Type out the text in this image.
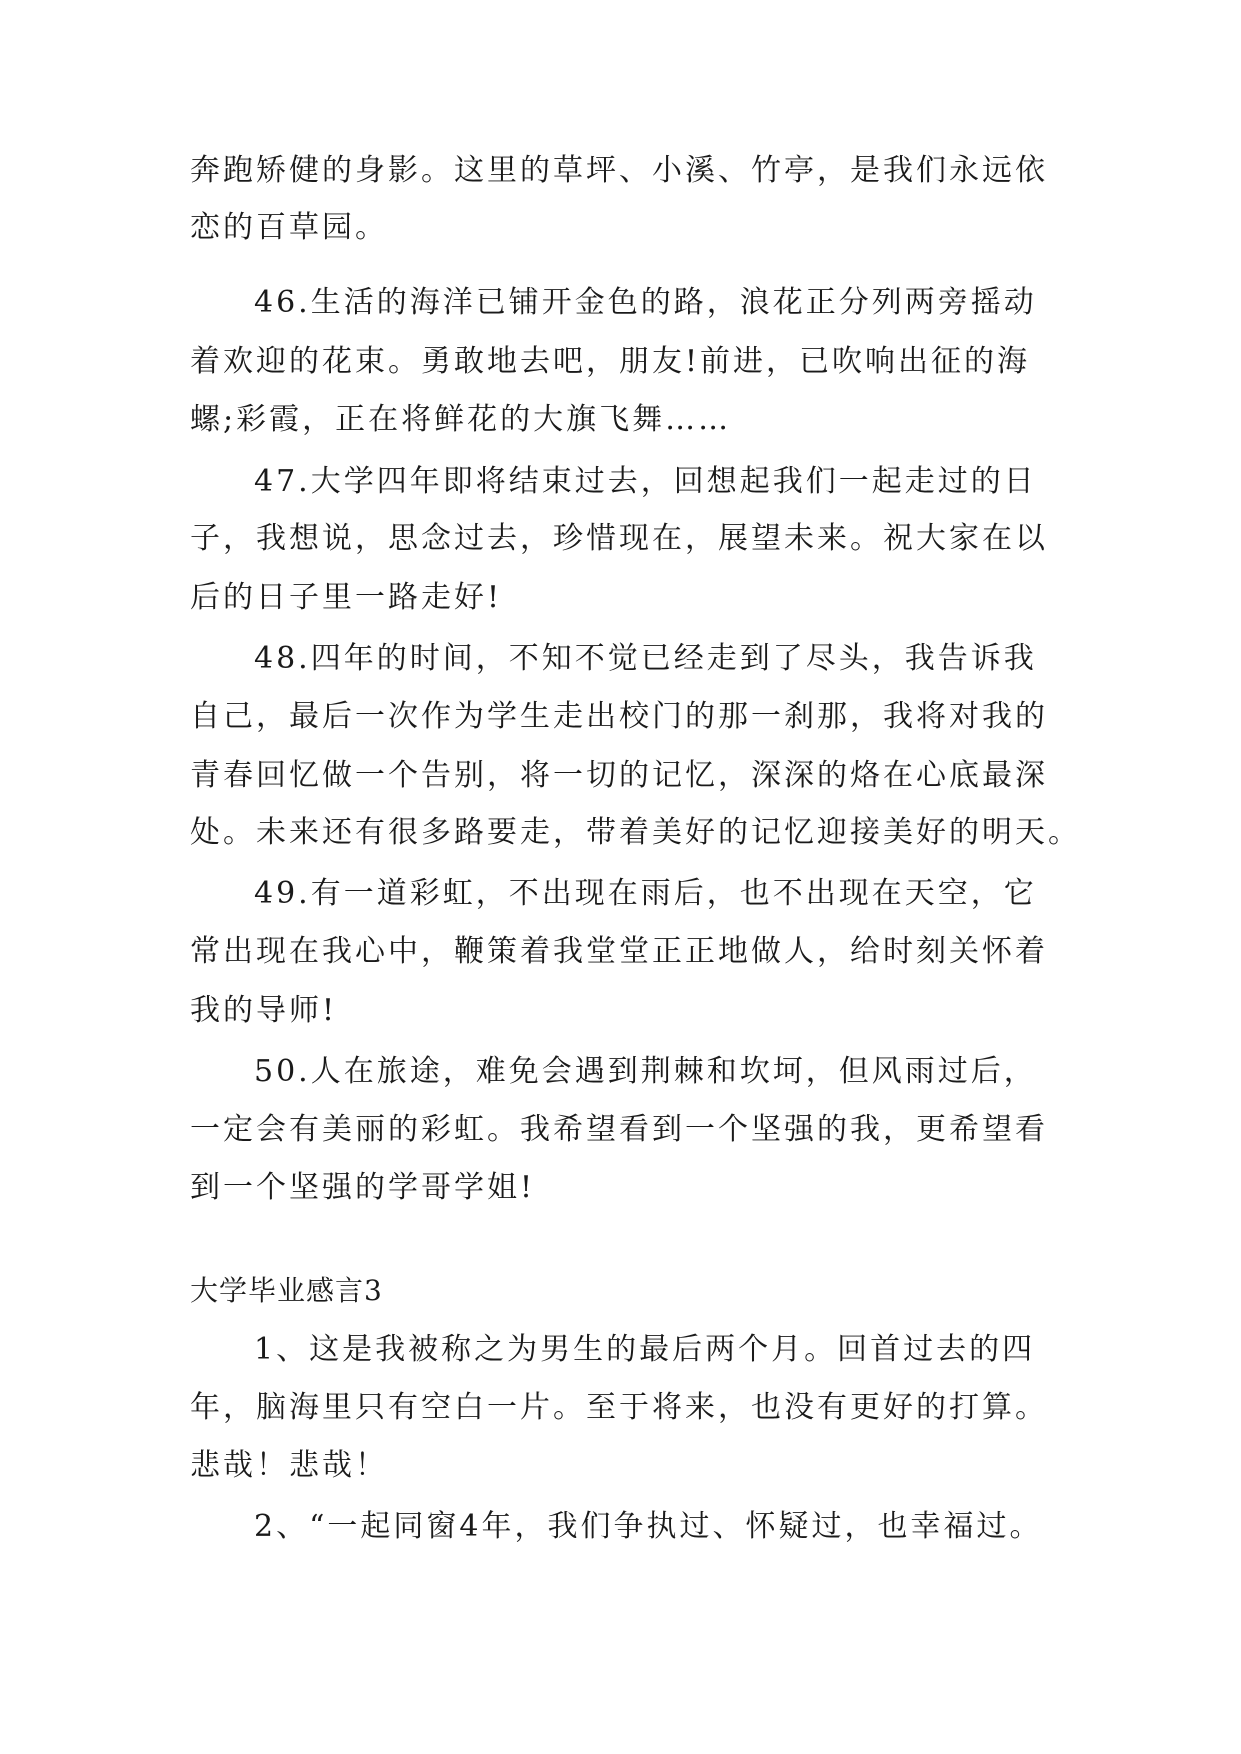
奔跑矫健的身影。这里的草坪、小溪、竹亭，是我们永远依
恋的百草园。
46.生活的海洋已铺开金色的路，浪花正分列两旁摇动
着欢迎的花束。勇敢地去吧，朋友!前进，已吹响出征的海
螺;彩霞，正在将鲜花的大旗飞舞……
47.大学四年即将结束过去，回想起我们一起走过的日
子，我想说，思念过去，珍惜现在，展望未来。祝大家在以
后的日子里一路走好!
48.四年的时间，不知不觉已经走到了尽头，我告诉我
自己，最后一次作为学生走出校门的那一刹那，我将对我的
青春回忆做一个告别，将一切的记忆，深深的烙在心底最深
处。未来还有很多路要走，带着美好的记忆迎接美好的明天。
49.有一道彩虹，不出现在雨后，也不出现在天空，它
常出现在我心中，鞭策着我堂堂正正地做人，给时刻关怀着
我的导师!
50.人在旅途，难免会遇到荆棘和坎坷，但风雨过后，
一定会有美丽的彩虹。我希望看到一个坚强的我，更希望看
到一个坚强的学哥学姐!
大学毕业感言3
1、这是我被称之为男生的最后两个月。回首过去的四
年，脑海里只有空白一片。至于将来，也没有更好的打算。
悲哉！悲哉！
2、“一起同窗4年，我们争执过、怀疑过，也幸福过。
